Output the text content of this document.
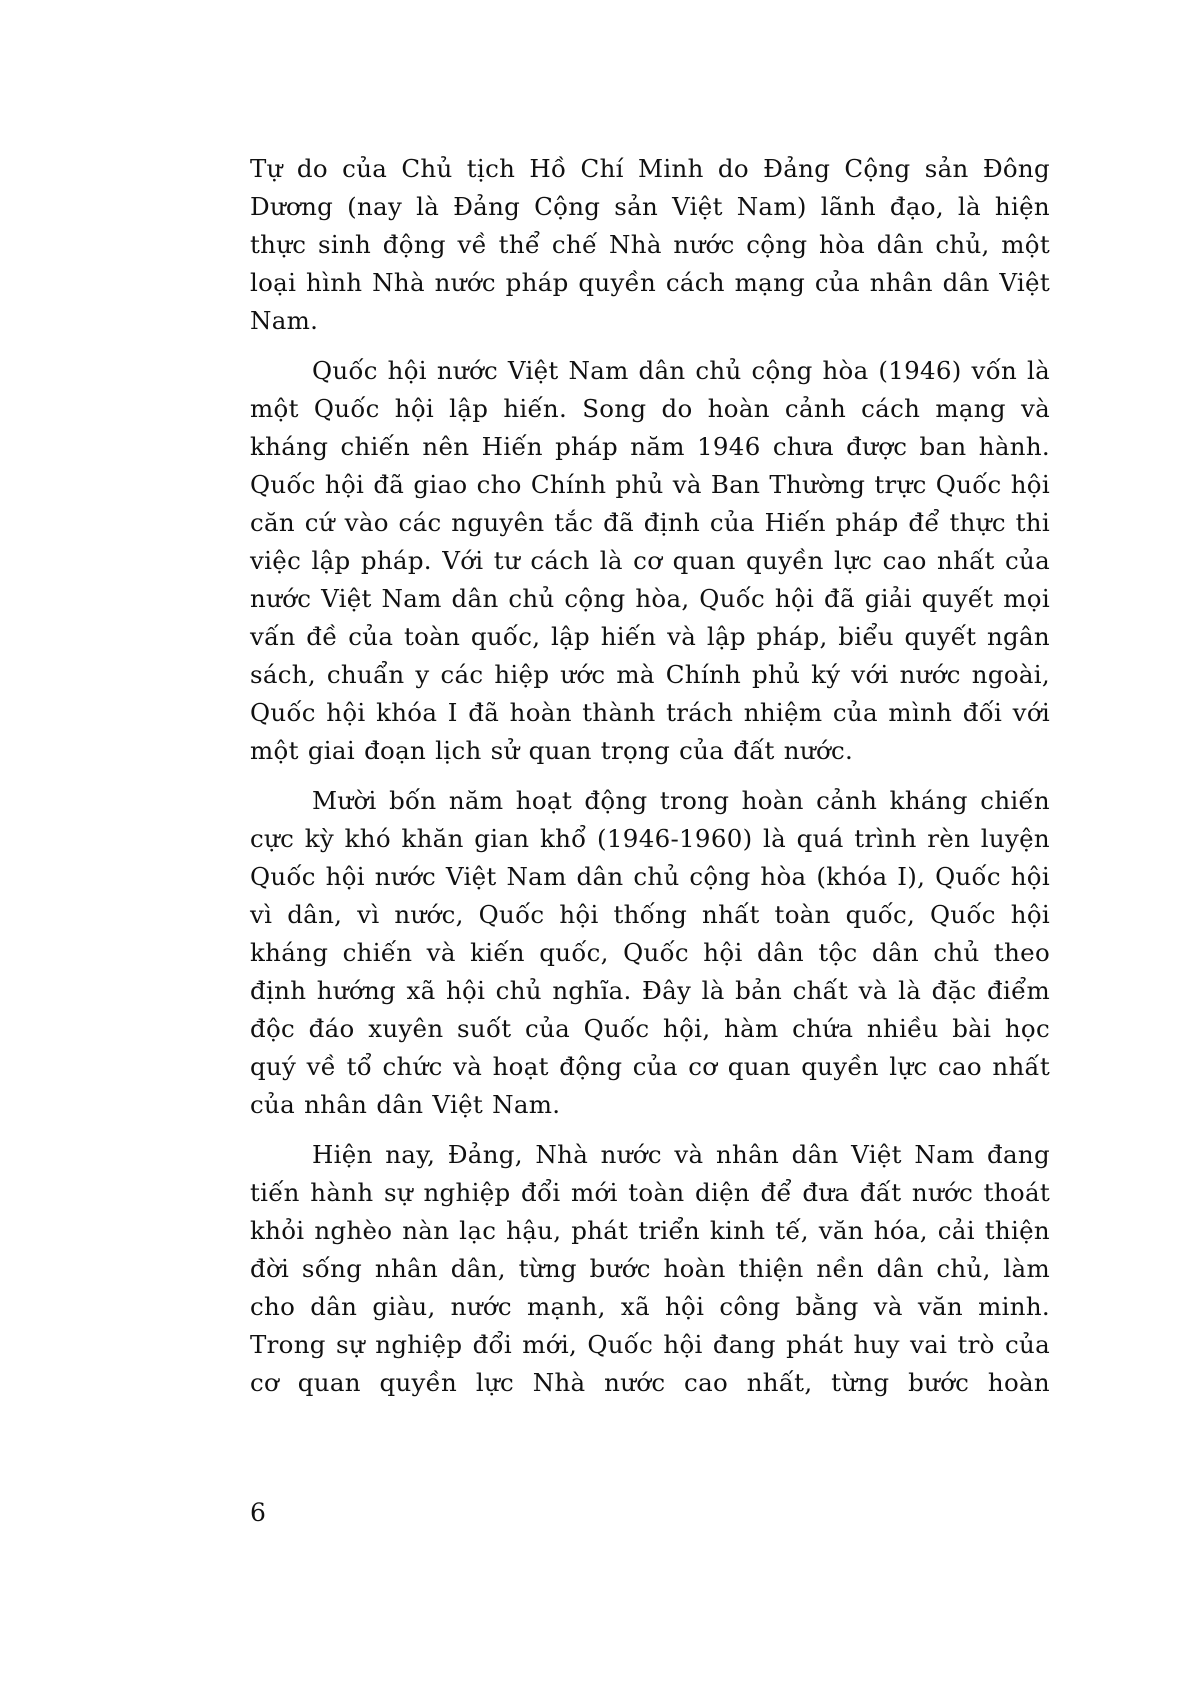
Tự do của Chủ tịch Hồ Chí Minh do Đảng Cộng sản Đông Dương (nay là Đảng Cộng sản Việt Nam) lãnh đạo, là hiện thực sinh động về thể chế Nhà nước cộng hòa dân chủ, một loại hình Nhà nước pháp quyền cách mạng của nhân dân Việt Nam.

Quốc hội nước Việt Nam dân chủ cộng hòa (1946) vốn là một Quốc hội lập hiến. Song do hoàn cảnh cách mạng và kháng chiến nên Hiến pháp năm 1946 chưa được ban hành. Quốc hội đã giao cho Chính phủ và Ban Thường trực Quốc hội căn cứ vào các nguyên tắc đã định của Hiến pháp để thực thi việc lập pháp. Với tư cách là cơ quan quyền lực cao nhất của nước Việt Nam dân chủ cộng hòa, Quốc hội đã giải quyết mọi vấn đề của toàn quốc, lập hiến và lập pháp, biểu quyết ngân sách, chuẩn y các hiệp ước mà Chính phủ ký với nước ngoài, Quốc hội khóa I đã hoàn thành trách nhiệm của mình đối với một giai đoạn lịch sử quan trọng của đất nước.

Mười bốn năm hoạt động trong hoàn cảnh kháng chiến cực kỳ khó khăn gian khổ (1946-1960) là quá trình rèn luyện Quốc hội nước Việt Nam dân chủ cộng hòa (khóa I), Quốc hội vì dân, vì nước, Quốc hội thống nhất toàn quốc, Quốc hội kháng chiến và kiến quốc, Quốc hội dân tộc dân chủ theo định hướng xã hội chủ nghĩa. Đây là bản chất và là đặc điểm độc đáo xuyên suốt của Quốc hội, hàm chứa nhiều bài học quý về tổ chức và hoạt động của cơ quan quyền lực cao nhất của nhân dân Việt Nam.

Hiện nay, Đảng, Nhà nước và nhân dân Việt Nam đang tiến hành sự nghiệp đổi mới toàn diện để đưa đất nước thoát khỏi nghèo nàn lạc hậu, phát triển kinh tế, văn hóa, cải thiện đời sống nhân dân, từng bước hoàn thiện nền dân chủ, làm cho dân giàu, nước mạnh, xã hội công bằng và văn minh. Trong sự nghiệp đổi mới, Quốc hội đang phát huy vai trò của cơ quan quyền lực Nhà nước cao nhất, từng bước hoàn

6
